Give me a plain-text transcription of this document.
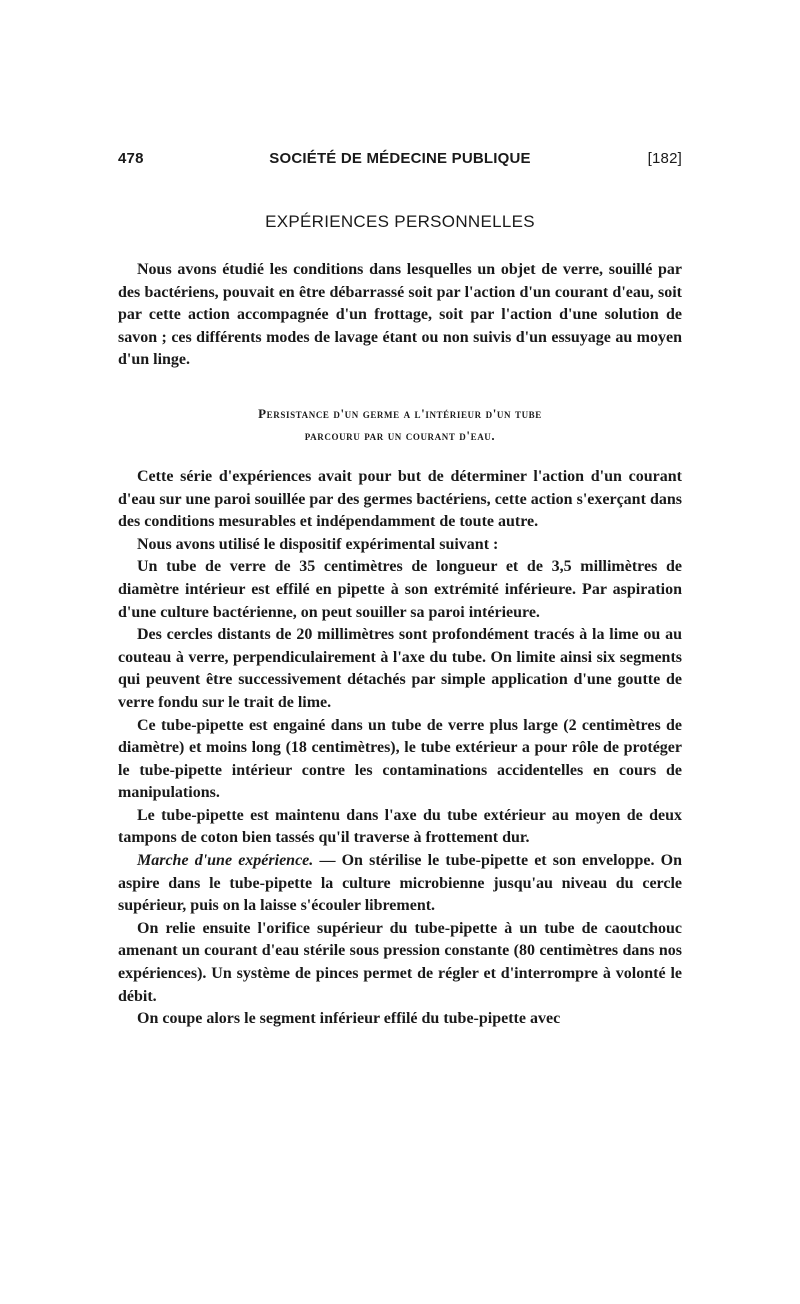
478	SOCIÉTÉ DE MÉDECINE PUBLIQUE	[182]
EXPÉRIENCES PERSONNELLES

Nous avons étudié les conditions dans lesquelles un objet de verre, souillé par des bactériens, pouvait en être débarrassé soit par l'action d'un courant d'eau, soit par cette action accompagnée d'un frottage, soit par l'action d'une solution de savon ; ces différents modes de lavage étant ou non suivis d'un essuyage au moyen d'un linge.

Persistance d'un germe a l'intérieur d'un tube
parcouru par un courant d'eau.

Cette série d'expériences avait pour but de déterminer l'action d'un courant d'eau sur une paroi souillée par des germes bactériens, cette action s'exerçant dans des conditions mesurables et indépendamment de toute autre.

Nous avons utilisé le dispositif expérimental suivant :

Un tube de verre de 35 centimètres de longueur et de 3,5 millimètres de diamètre intérieur est effilé en pipette à son extrémité inférieure. Par aspiration d'une culture bactérienne, on peut souiller sa paroi intérieure.

Des cercles distants de 20 millimètres sont profondément tracés à la lime ou au couteau à verre, perpendiculairement à l'axe du tube. On limite ainsi six segments qui peuvent être successivement détachés par simple application d'une goutte de verre fondu sur le trait de lime.

Ce tube-pipette est engainé dans un tube de verre plus large (2 centimètres de diamètre) et moins long (18 centimètres), le tube extérieur a pour rôle de protéger le tube-pipette intérieur contre les contaminations accidentelles en cours de manipulations.

Le tube-pipette est maintenu dans l'axe du tube extérieur au moyen de deux tampons de coton bien tassés qu'il traverse à frottement dur.

Marche d'une expérience. — On stérilise le tube-pipette et son enveloppe. On aspire dans le tube-pipette la culture microbienne jusqu'au niveau du cercle supérieur, puis on la laisse s'écouler librement.

On relie ensuite l'orifice supérieur du tube-pipette à un tube de caoutchouc amenant un courant d'eau stérile sous pression constante (80 centimètres dans nos expériences). Un système de pinces permet de régler et d'interrompre à volonté le débit.

On coupe alors le segment inférieur effilé du tube-pipette avec
